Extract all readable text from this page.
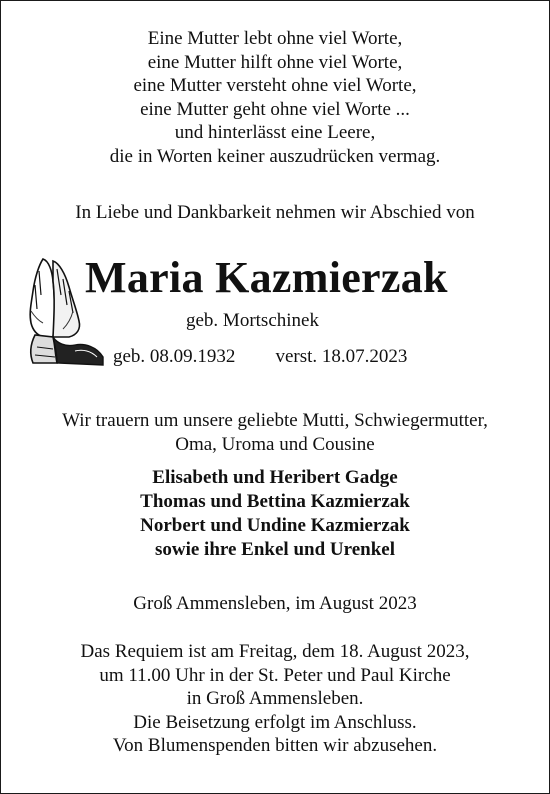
Eine Mutter lebt ohne viel Worte,
eine Mutter hilft ohne viel Worte,
eine Mutter versteht ohne viel Worte,
eine Mutter geht ohne viel Worte ...
und hinterlässt eine Leere,
die in Worten keiner auszudrücken vermag.
In Liebe und Dankbarkeit nehmen wir Abschied von
Maria Kazmierzak
geb. Mortschinek
geb. 08.09.1932 verst. 18.07.2023
Wir trauern um unsere geliebte Mutti, Schwiegermutter,
Oma, Uroma und Cousine
Elisabeth und Heribert Gadge
Thomas und Bettina Kazmierzak
Norbert und Undine Kazmierzak
sowie ihre Enkel und Urenkel
Groß Ammensleben, im August 2023
Das Requiem ist am Freitag, dem 18. August 2023,
um 11.00 Uhr in der St. Peter und Paul Kirche
in Groß Ammensleben.
Die Beisetzung erfolgt im Anschluss.
Von Blumenspenden bitten wir abzusehen.
